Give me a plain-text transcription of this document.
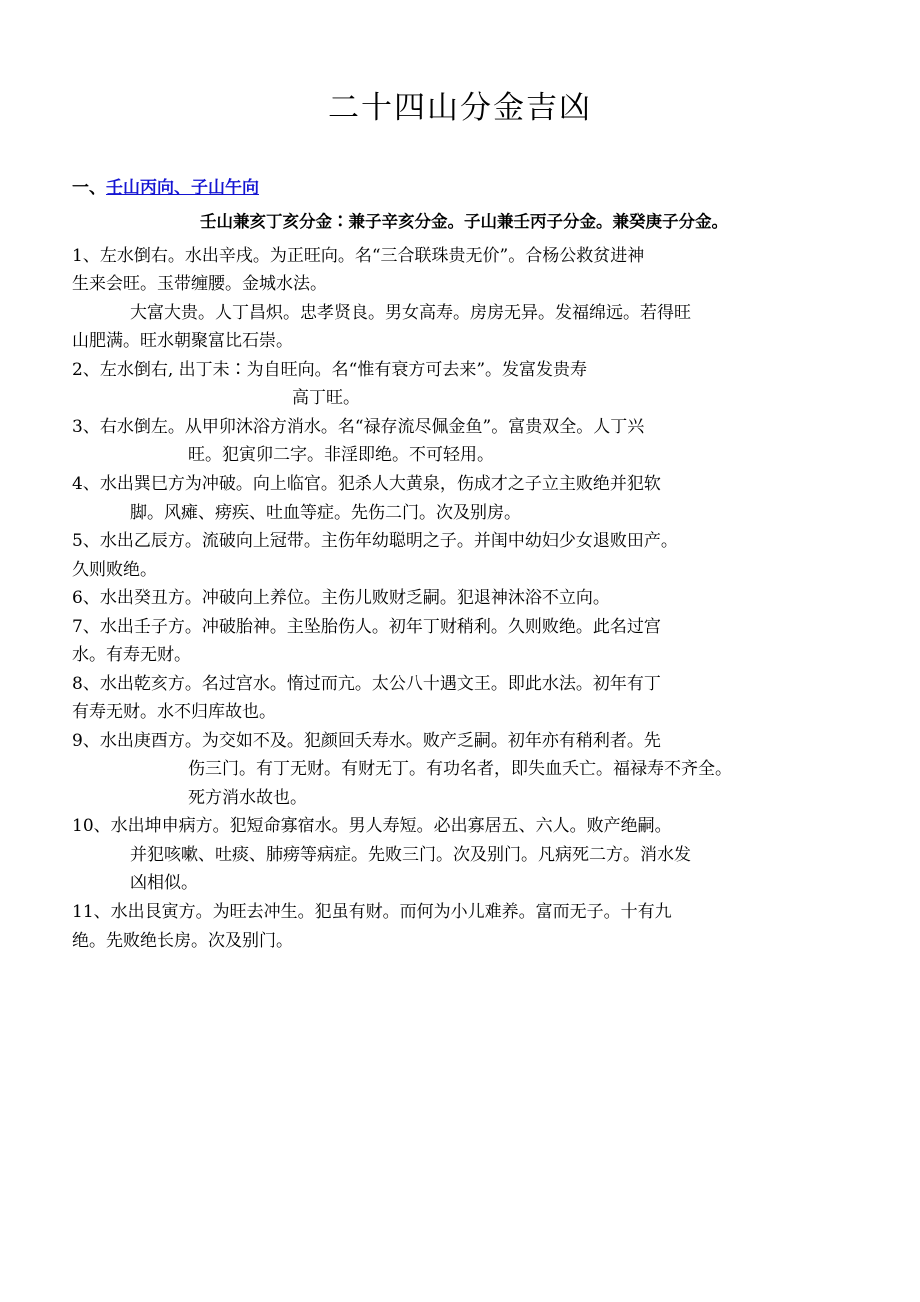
二十四山分金吉凶
一、壬山丙向、子山午向
壬山兼亥丁亥分金∶兼子辛亥分金。子山兼壬丙子分金。兼癸庚子分金。
1、左水倒右。水出辛戌。为正旺向。名“三合联珠贵无价”。合杨公救贫进神
生来会旺。玉带缠腰。金城水法。
大富大贵。人丁昌炽。忠孝贤良。男女高寿。房房无异。发福绵远。若得旺
山肥满。旺水朝聚富比石崇。
2、左水倒右, 出丁未∶为自旺向。名“惟有衰方可去来”。发富发贵寿
高丁旺。
3、右水倒左。从甲卯沐浴方消水。名“禄存流尽佩金鱼”。富贵双全。人丁兴
旺。犯寅卯二字。非淫即绝。不可轻用。
4、水出巽巳方为冲破。向上临官。犯杀人大黄泉，伤成才之子立主败绝并犯软
脚。风瘫、痨疾、吐血等症。先伤二门。次及别房。
5、水出乙辰方。流破向上冠带。主伤年幼聪明之子。并闺中幼妇少女退败田产。
久则败绝。
6、水出癸丑方。冲破向上养位。主伤儿败财乏嗣。犯退神沐浴不立向。
7、水出壬子方。冲破胎神。主坠胎伤人。初年丁财稍利。久则败绝。此名过宫
水。有寿无财。
8、水出乾亥方。名过宫水。惰过而亢。太公八十遇文王。即此水法。初年有丁
有寿无财。水不归库故也。
9、水出庚酉方。为交如不及。犯颜回夭寿水。败产乏嗣。初年亦有稍利者。先
伤三门。有丁无财。有财无丁。有功名者，即失血夭亡。福禄寿不齐全。
死方消水故也。
10、水出坤申病方。犯短命寡宿水。男人寿短。必出寡居五、六人。败产绝嗣。
并犯咳嗽、吐痰、肺痨等病症。先败三门。次及别门。凡病死二方。消水发
凶相似。
11、水出艮寅方。为旺去冲生。犯虽有财。而何为小儿难养。富而无子。十有九
绝。先败绝长房。次及别门。
